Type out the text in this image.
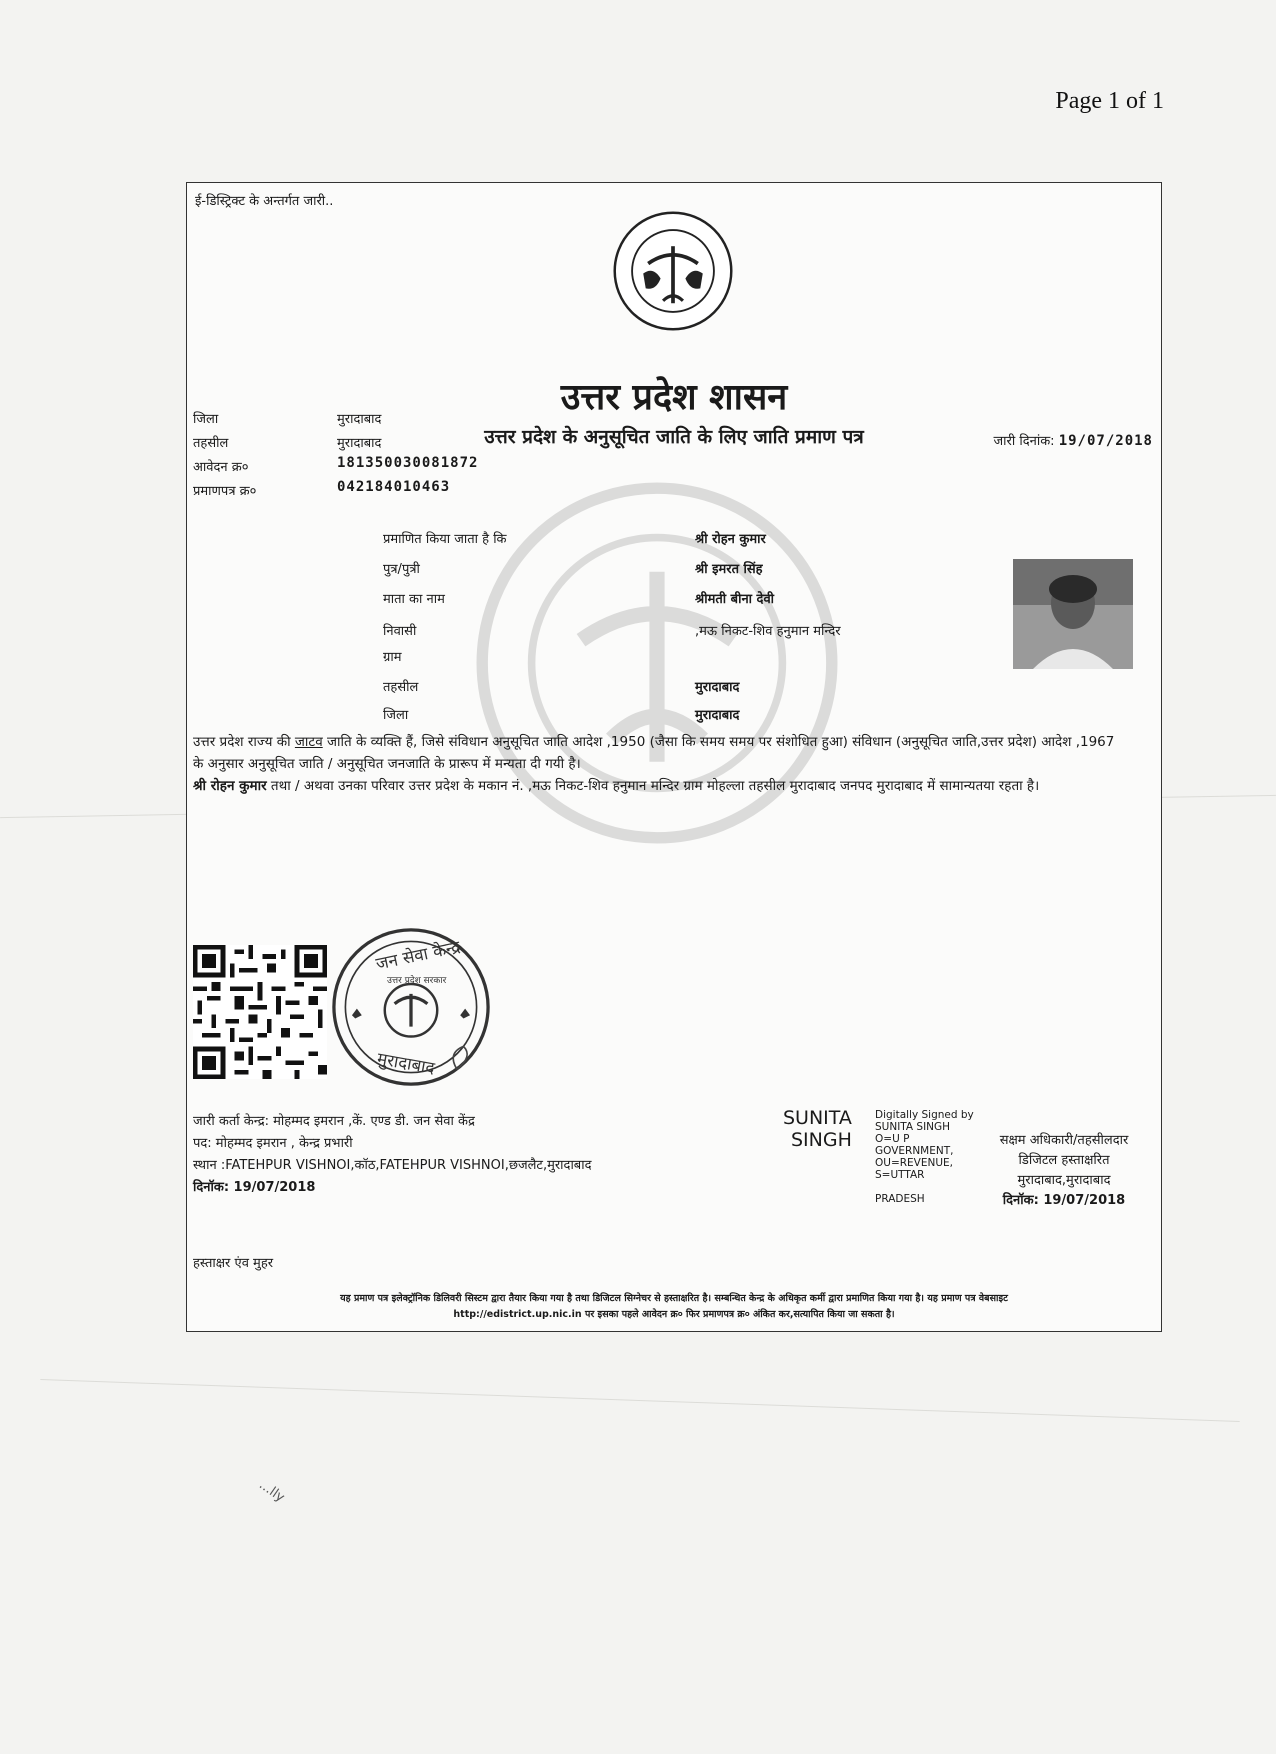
Page 1 of 1
ई-डिस्ट्रिक्ट के अन्तर्गत जारी..
उत्तर प्रदेश शासन
उत्तर प्रदेश के अनुसूचित जाति के लिए जाति प्रमाण पत्र
जिला	मुरादाबाद
तहसील	मुरादाबाद
आवेदन क्र०	181350030081872
प्रमाणपत्र क्र०	042184010463
जारी दिनांक: 19/07/2018
प्रमाणित किया जाता है कि	श्री रोहन कुमार
पुत्र/पुत्री	श्री इमरत सिंह
माता का नाम	श्रीमती बीना देवी
निवासी	,मऊ निकट-शिव हनुमान मन्दिर
ग्राम
तहसील	मुरादाबाद
जिला	मुरादाबाद
उत्तर प्रदेश राज्य की जाटव जाति के व्यक्ति हैं, जिसे संविधान अनुसूचित जाति आदेश ,1950 (जैसा कि समय समय पर संशोधित हुआ) संविधान (अनुसूचित जाति,उत्तर प्रदेश) आदेश ,1967 के अनुसार अनुसूचित जाति / अनुसूचित जनजाति के प्रारूप में मन्यता दी गयी है।
श्री रोहन कुमार तथा / अथवा उनका परिवार उत्तर प्रदेश के मकान नं. ,मऊ निकट-शिव हनुमान मन्दिर ग्राम मोहल्ला तहसील मुरादाबाद जनपद मुरादाबाद में सामान्यतया रहता है।
जन सेवा केन्द्र
उत्तर प्रदेश सरकार
मुरादाबाद
जारी कर्ता केन्द्र: मोहम्मद इमरान ,कें. एण्ड डी. जन सेवा केंद्र
पद: मोहम्मद इमरान , केन्द्र प्रभारी
स्थान :FATEHPUR VISHNOI,कॉठ,FATEHPUR VISHNOI,छजलैट,मुरादाबाद
दिनॉक: 19/07/2018
SUNITA
SINGH
Digitally Signed by
SUNITA SINGH
O=U P
GOVERNMENT,
OU=REVENUE,
S=UTTAR
PRADESH
सक्षम अधिकारी/तहसीलदार
डिजिटल हस्ताक्षरित
मुरादाबाद,मुरादाबाद
दिनॉक: 19/07/2018
हस्ताक्षर एंव मुहर
यह प्रमाण पत्र इलेक्ट्रॉनिक डिलिवरी सिस्टम द्वारा तैयार किया गया है तथा डिजिटल सिग्नेचर से हस्ताक्षरित है। सम्बन्धित केन्द्र के अधिकृत कर्मी द्वारा प्रमाणित किया गया है। यह प्रमाण पत्र वेबसाइट
http://edistrict.up.nic.in पर इसका पहले आवेदन क्र० फिर प्रमाणपत्र क्र० अंकित कर,सत्यापित किया जा सकता है।
...lly
